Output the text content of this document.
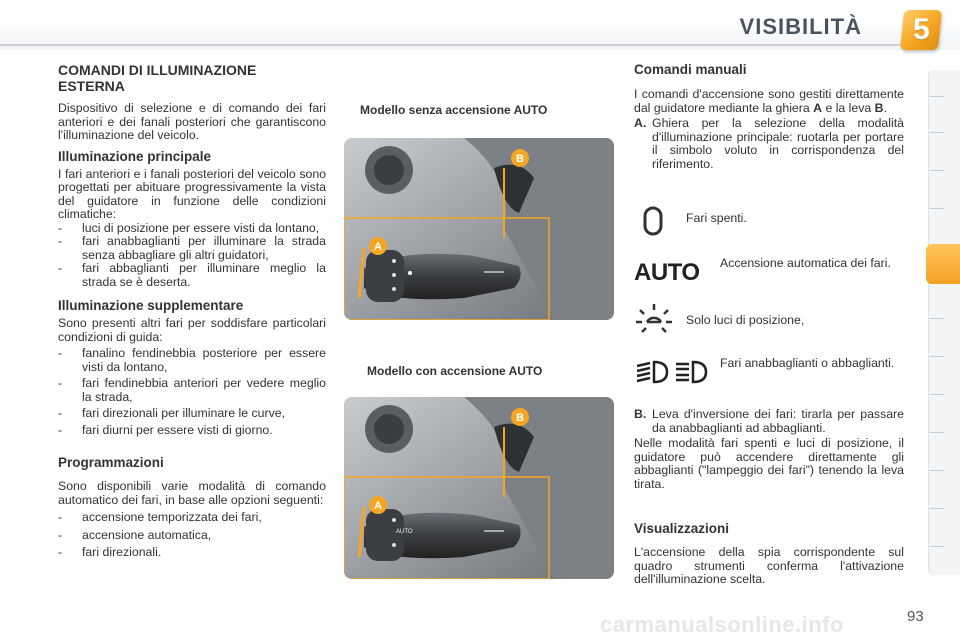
VISIBILITÀ 5
COMANDI DI ILLUMINAZIONE ESTERNA

Dispositivo di selezione e di comando dei fari anteriori e dei fanali posteriori che garantiscono l'illuminazione del veicolo.

Illuminazione principale

I fari anteriori e i fanali posteriori del veicolo sono progettati per abituare progressivamente la vista del guidatore in funzione delle condizioni climatiche:

- luci di posizione per essere visti da lontano,
- fari anabbaglianti per illuminare la strada senza abbagliare gli altri guidatori,
- fari abbaglianti per illuminare meglio la strada se è deserta.
Illuminazione supplementare

Sono presenti altri fari per soddisfare particolari condizioni di guida:

- fanalino fendinebbia posteriore per essere visti da lontano,
- fari fendinebbia anteriori per vedere meglio la strada,
- fari direzionali per illuminare le curve,
- fari diurni per essere visti di giorno.
Programmazioni

Sono disponibili varie modalità di comando automatico dei fari, in base alle opzioni seguenti:

- accensione temporizzata dei fari,
- accensione automatica,
- fari direzionali.
Modello senza accensione AUTO
A
B
Modello con accensione AUTO
AUTO
A
B
Comandi manuali

I comandi d'accensione sono gestiti direttamente dal guidatore mediante la ghiera A e la leva B.

A. Ghiera per la selezione della modalità d'illuminazione principale: ruotarla per portare il simbolo voluto in corrispondenza del riferimento.
Fari spenti.
AUTO	Accensione automatica dei fari.
Solo luci di posizione,
Fari anabbaglianti o abbaglianti.
B. Leva d'inversione dei fari: tirarla per passare da anabbaglianti ad abbaglianti.

Nelle modalità fari spenti e luci di posizione, il guidatore può accendere direttamente gli abbaglianti ("lampeggio dei fari") tenendo la leva tirata.

Visualizzazioni

L'accensione della spia corrispondente sul quadro strumenti conferma l'attivazione dell'illuminazione scelta.

carmanualsonline.info	93
